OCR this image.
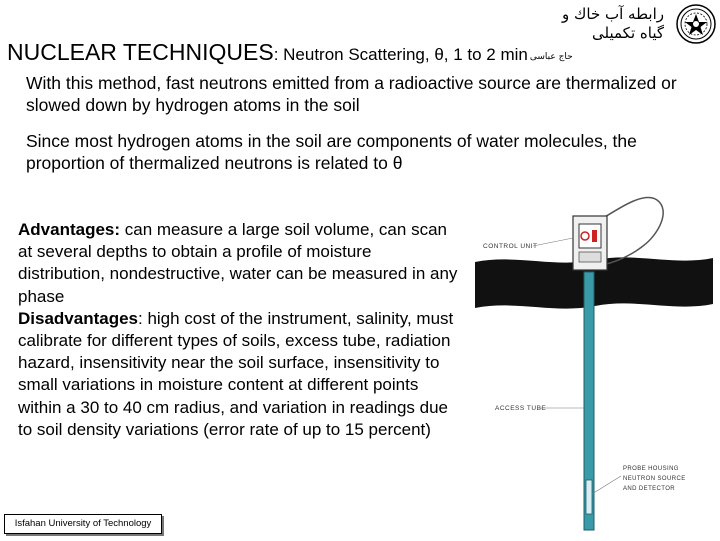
رابطه آب خاك و
گیاه تکمیلی
NUCLEAR TECHNIQUES: Neutron Scattering, θ, 1 to 2 min حاج عباسی
With this method, fast neutrons emitted from a radioactive source are thermalized or slowed down by hydrogen atoms in the soil
Since most hydrogen atoms in the soil are components of water molecules, the proportion of thermalized neutrons is related to θ
Advantages: can measure a large soil volume, can scan at several depths to obtain a profile of moisture distribution, nondestructive, water can be measured in any phase
Disadvantages: high cost of the instrument, salinity, must calibrate for different types of soils, excess tube, radiation hazard, insensitivity near the soil surface, insensitivity to small variations in moisture content at different points within a 30 to 40 cm radius, and variation in readings due to soil density variations (error rate of up to 15 percent)
Isfahan University of Technology
CONTROL UNIT
ACCESS TUBE
PROBE HOUSING
NEUTRON SOURCE
AND DETECTOR
